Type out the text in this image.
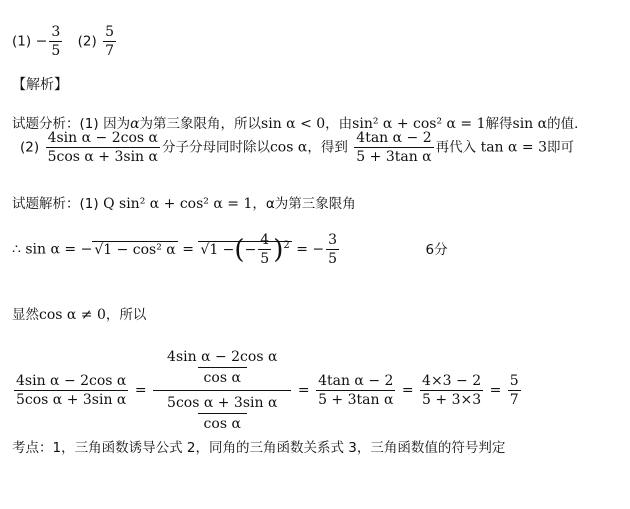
$(1) - \frac{3}{5} (2) \frac{5}{7}$
【解析】
试题分析：(1) 因为α为第三象限角，所以sin α < 0，由sin² α + cos² α = 1解得sin α的值．
$(2) \frac{\text{4sin α − 2cos α}}{\text{5cos α + 3sin α}}$ 分子分母同时除以cos α，得到 $\frac{\text{4tan α − 2}}{\text{5 + 3tan α}}$ 再代入 tan α = 3即可
试题解析：(1) Q sin² α + cos² α = 1，α为第三象限角
∴ sin α = − √1 − cos² α = √1 −(− $\frac{4}{5} )^2$ = − $\frac{3}{5}$	6分
显然cos α ≠ 0，所以
$\frac{\text{4sin α − 2cos α}}{\text{5cos α + 3sin α}} = \frac{\frac{\text{4sin α − 2cos α}}{\text{cos α}}}{\frac{\text{5cos α + 3sin α}}{\text{cos α}}} = \frac{\text{4tan α − 2}}{\text{5 + 3tan α}} = \frac{4\times 3 - 2}{5 + 3\times 3} = \frac{5}{7}$
考点：1，三角函数诱导公式 2，同角的三角函数关系式 3，三角函数值的符号判定
